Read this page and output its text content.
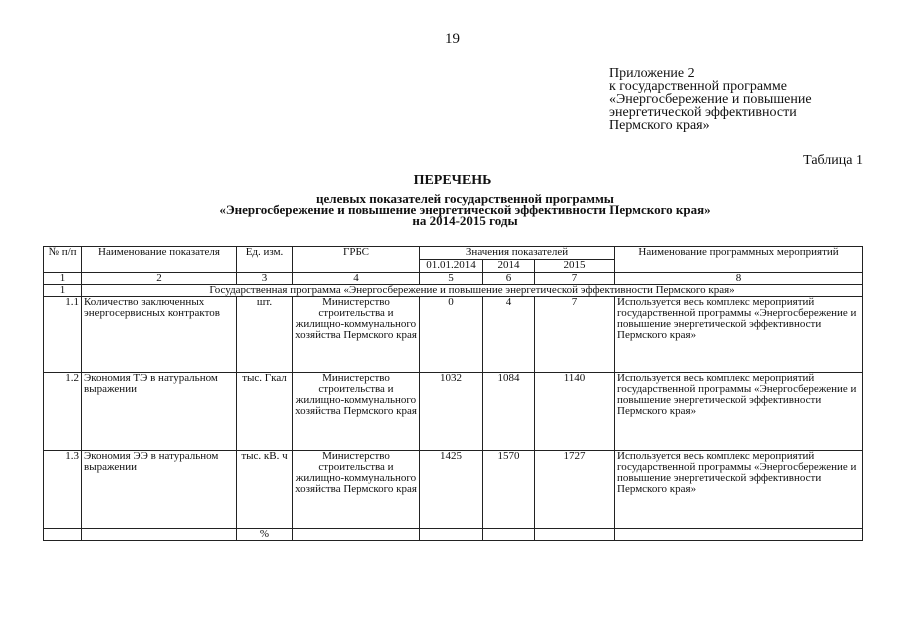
19
Приложение 2
к государственной программе
«Энергосбережение и повышение
энергетической эффективности
Пермского края»
Таблица 1
ПЕРЕЧЕНЬ
целевых показателей государственной программы
«Энергосбережение и повышение энергетической эффективности Пермского края»
на 2014-2015 годы
№ п/п	Наименование показателя	Ед. изм.	ГРБС	Значения показателей			Наименование программных мероприятий
				01.01.2014	2014	2015	
1	2	3	4	5	6	7	8
1	Государственная программа «Энергосбережение и повышение энергетической эффективности Пермского края»						
1.1	Количество заключенных энергосервисных контрактов	шт.	Министерство строительства и жилищно-коммунального хозяйства Пермского края	0	4	7	Используется весь комплекс мероприятий государственной программы «Энергосбережение и повышение энергетической эффективности Пермского края»
1.2	Экономия ТЭ в натуральном выражении	тыс. Гкал	Министерство строительства и жилищно-коммунального хозяйства Пермского края	1032	1084	1140	Используется весь комплекс мероприятий государственной программы «Энергосбережение и повышение энергетической эффективности Пермского края»
1.3	Экономия ЭЭ в натуральном выражении	тыс. кВ. ч	Министерство строительства и жилищно-коммунального хозяйства Пермского края	1425	1570	1727	Используется весь комплекс мероприятий государственной программы «Энергосбережение и повышение энергетической эффективности Пермского края»
		%					
